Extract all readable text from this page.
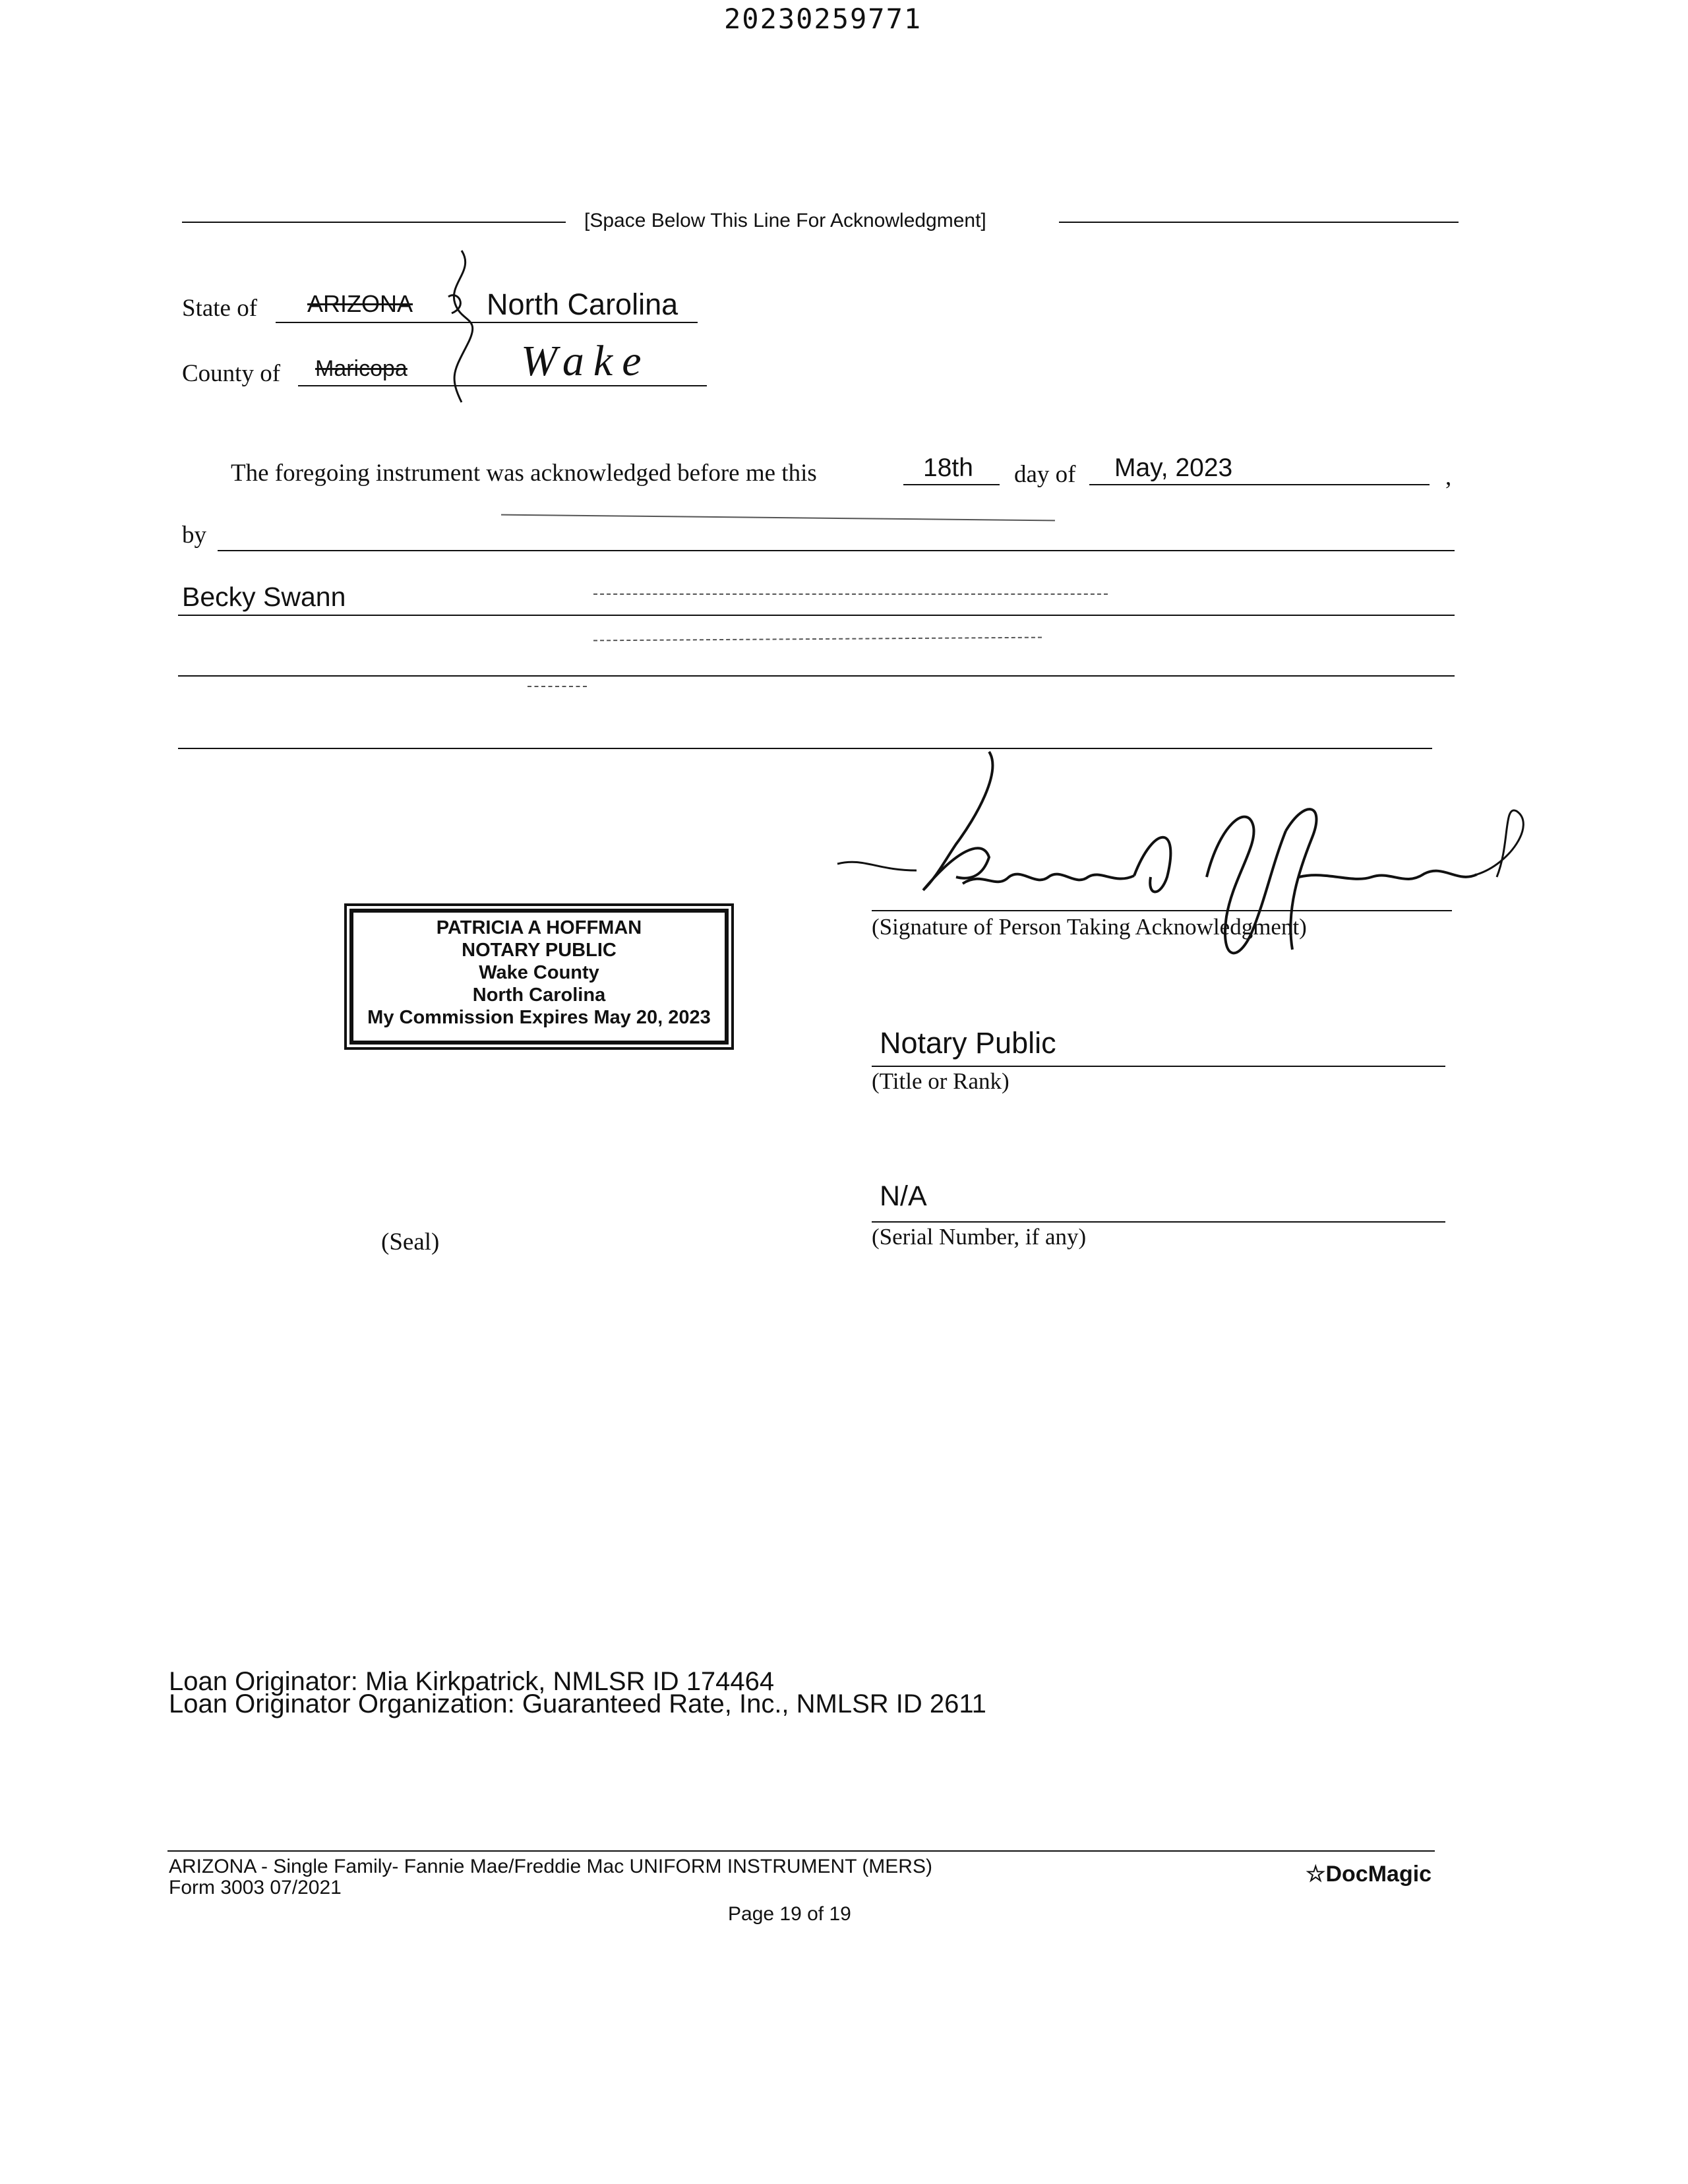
20230259771
[Space Below This Line For Acknowledgment]
State of ARIZONA North Carolina
County of Maricopa	Wake
The foregoing instrument was acknowledged before me this	18th day of May, 2023	,
by
Becky Swann
(Signature of Person Taking Acknowledgment)
PATRICIA A HOFFMAN
NOTARY PUBLIC
Wake County
North Carolina
My Commission Expires May 20, 2023
Notary Public
(Title or Rank)
N/A
(Serial Number, if any)
(Seal)
Loan Originator: Mia Kirkpatrick, NMLSR ID 174464
Loan Originator Organization: Guaranteed Rate, Inc., NMLSR ID 2611
ARIZONA - Single Family- Fannie Mae/Freddie Mac UNIFORM INSTRUMENT (MERS)
Form 3003 07/2021
Page 19 of 19
☆DocMagic
